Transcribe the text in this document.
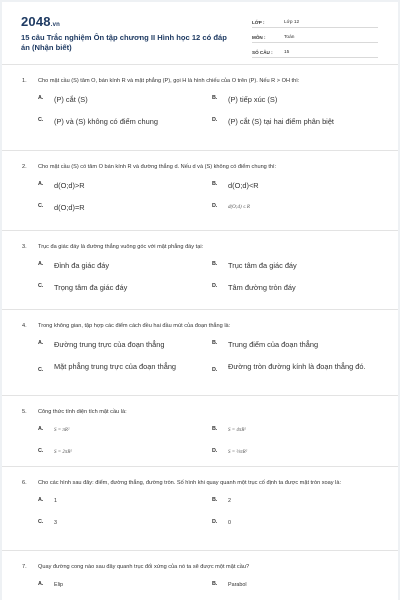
2048.vn
15 câu Trắc nghiệm Ôn tập chương II Hình học 12 có đáp án (Nhận biết)
LỚP :	Lớp 12
MÔN :	Toán
SỐ CÂU :	15
1.	Cho mặt cầu (S) tâm O, bán kính R và mặt phẳng (P), gọi H là hình chiếu của O trên (P). Nếu R > OH thì:
A.	(P) cắt (S)	B.	(P) tiếp xúc (S)
C.	(P) và (S) không có điểm chung	D.	(P) cắt (S) tại hai điểm phân biệt
2.	Cho mặt cầu (S) có tâm O bán kính R và đường thẳng d. Nếu d và (S) không có điểm chung thì:
A.	d(O;d)>R	B.	d(O;d)<R
C.	d(O;d)=R	D.	d(O;d) ≤ R
3.	Trục đa giác đáy là đường thẳng vuông góc với mặt phẳng đáy tại:
A.	Đỉnh đa giác đáy	B.	Trục tâm đa giác đáy
C.	Trọng tâm đa giác đáy	D.	Tâm đường tròn đáy
4.	Trong không gian, tập hợp các điểm cách đều hai đầu mút của đoạn thẳng là:
A.	Đường trung trực của đoạn thẳng	B.	Trung điểm của đoạn thẳng
C.	Mặt phẳng trung trực của đoạn thẳng	D.	Đường tròn đường kính là đoạn thẳng đó.
5.	Công thức tính diện tích mặt cầu là:
A.	S = πR²	B.	S = 4πR²
C.	S = 2πR²	D.	S = ⅔πR²
6.	Cho các hình sau đây: điểm, đường thẳng, đường tròn. Số hình khi quay quanh một trục cố định ta được mặt tròn xoay là:
A.	1	B.	2
C.	3	D.	0
7.	Quay đường cong nào sau đây quanh trục đối xứng của nó ta sẽ được một mặt cầu?
A.	Elip	B.	Parabol
